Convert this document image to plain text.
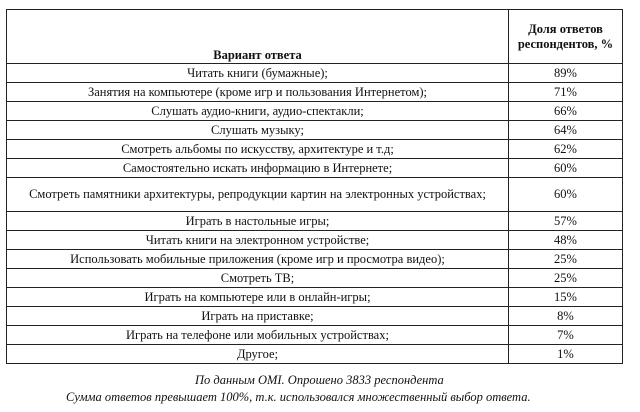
Вариант ответа	Доля ответов респондентов, %
Читать книги (бумажные);	89%
Занятия на компьютере (кроме игр и пользования Интернетом);	71%
Слушать аудио-книги, аудио-спектакли;	66%
Слушать музыку;	64%
Смотреть альбомы по искусству, архитектуре и т.д;	62%
Самостоятельно искать информацию в Интернете;	60%
Смотреть памятники архитектуры, репродукции картин на электронных устройствах;	60%
Играть в настольные игры;	57%
Читать книги на электронном устройстве;	48%
Использовать мобильные приложения (кроме игр и просмотра видео);	25%
Смотреть ТВ;	25%
Играть на компьютере или в онлайн-игры;	15%
Играть на приставке;	8%
Играть на телефоне или мобильных устройствах;	7%
Другое;	1%
По данным OMI. Опрошено 3833 респондента
Сумма ответов превышает 100%, т.к. использовался множественный выбор ответа.
